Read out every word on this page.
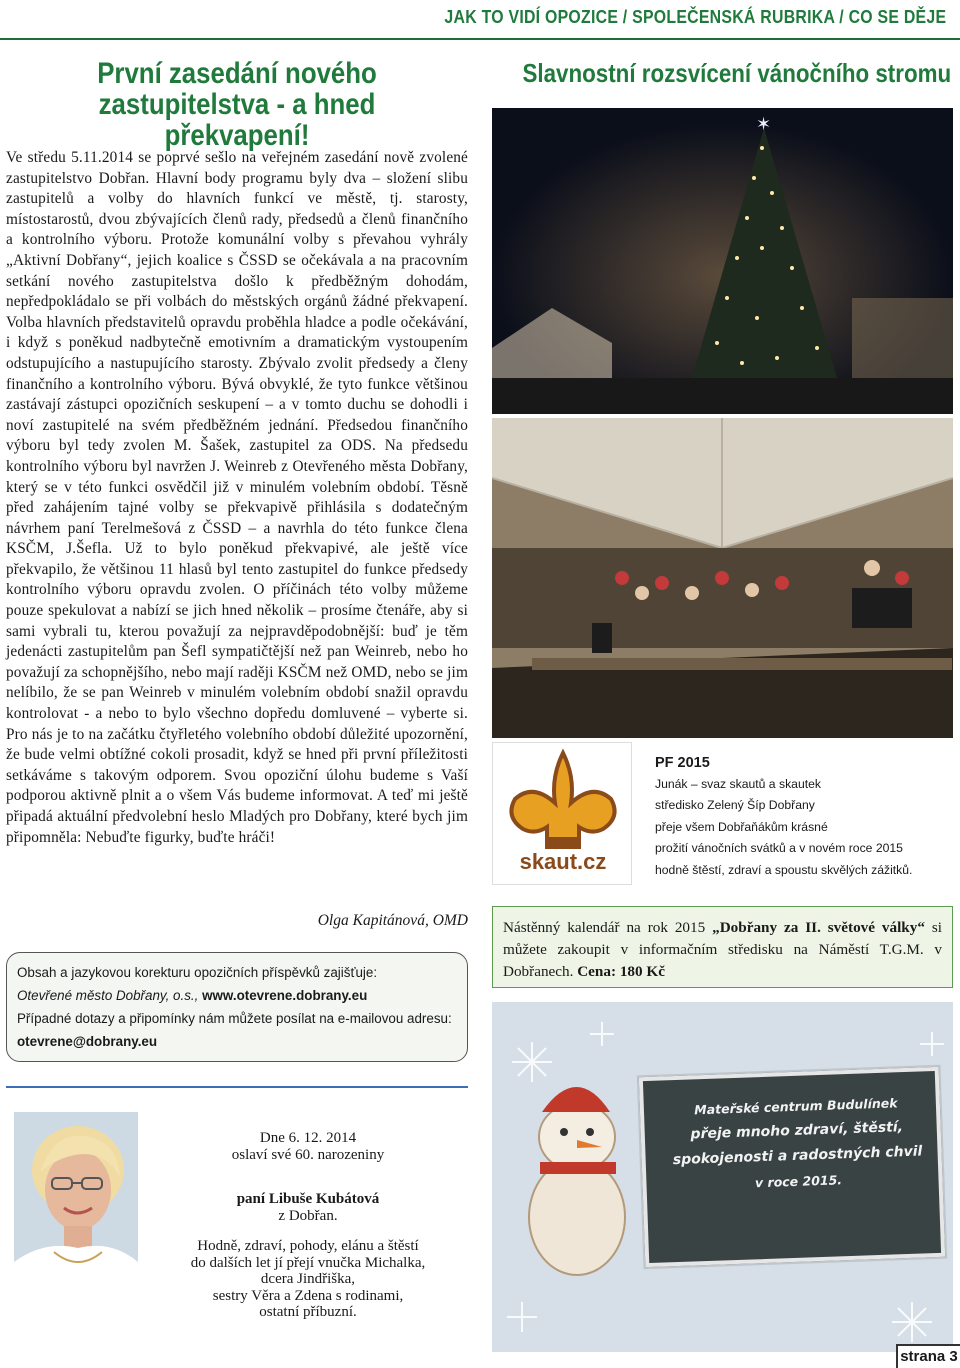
JAK TO VIDÍ OPOZICE / SPOLEČENSKÁ RUBRIKA / CO SE DĚJE
První zasedání nového
zastupitelstva - a hned překvapení!

Ve středu 5.11.2014 se poprvé sešlo na veřejném zasedání nově zvolené zastupitelstvo Dobřan. Hlavní body programu byly dva – složení slibu zastupitelů a volby do hlavních funkcí ve městě, tj. starosty, místostarostů, dvou zbývajících členů rady, předsedů a členů finančního a kontrolního výboru. Protože komunální volby s převahou vyhrály „Aktivní Dobřany“, jejich koalice s ČSSD se očekávala a na pracovním setkání nového zastupitelstva došlo k předběžným dohodám, nepředpokládalo se při volbách do městských orgánů žádné překvapení. Volba hlavních představitelů opravdu proběhla hladce a podle očekávání, i když s poněkud nadbytečně emotivním a dramatickým vystoupením odstupujícího a nastupujícího starosty. Zbývalo zvolit předsedy a členy finančního a kontrolního výboru. Bývá obvyklé, že tyto funkce většinou zastávají zástupci opozičních seskupení – a v tomto duchu se dohodli i noví zastupitelé na svém předběžném jednání. Předsedou finančního výboru byl tedy zvolen M. Šašek, zastupitel za ODS. Na předsedu kontrolního výboru byl navržen J. Weinreb z Otevřeného města Dobřany, který se v této funkci osvědčil již v minulém volebním období. Těsně před zahájením tajné volby se překvapivě přihlásila s dodatečným návrhem paní Terelmešová z ČSSD – a navrhla do této funkce člena KSČM, J.Šefla. Už to bylo poněkud překvapivé, ale ještě více překvapilo, že většinou 11 hlasů byl tento zastupitel do funkce předsedy kontrolního výboru opravdu zvolen. O příčinách této volby můžeme pouze spekulovat a nabízí se jich hned několik – prosíme čtenáře, aby si sami vybrali tu, kterou považují za nejpravděpodobnější: buď je těm jedenácti zastupitelům pan Šefl sympatičtější než pan Weinreb, nebo ho považují za schopnějšího, nebo mají raději KSČM než OMD, nebo se jim nelíbilo, že se pan Weinreb v minulém volebním období snažil opravdu kontrolovat - a nebo to bylo všechno dopředu domluvené – vyberte si. Pro nás je to na začátku čtyřletého volebního období důležité upozornění, že bude velmi obtížné cokoli prosadit, když se hned při první příležitosti setkáváme s takovým odporem. Svou opoziční úlohu budeme s Vaší podporou aktivně plnit a o všem Vás budeme informovat. A teď mi ještě připadá aktuální předvolební heslo Mladých pro Dobřany, které bych jim připomněla: Nebuďte figurky, buďte hráči!

Olga Kapitánová, OMD
Obsah a jazykovou korekturu opozičních příspěvků zajišťuje:
Otevřené město Dobřany, o.s., www.otevrene.dobrany.eu
Případné dotazy a připomínky nám můžete posílat na e-mailovou adresu: otevrene@dobrany.eu
Dne 6. 12. 2014
oslaví své 60. narozeniny
paní Libuše Kubátová
z Dobřan.
Hodně, zdraví, pohody, elánu a štěstí
do dalších let jí přejí vnučka Michalka,
dcera Jindřiška,
sestry Věra a Zdena s rodinami,
ostatní příbuzní.
Slavnostní rozsvícení vánočního stromu
✶
skaut.cz
PF 2015
Junák – svaz skautů a skautek
středisko Zelený Šíp Dobřany
přeje všem Dobřaňákům krásné
prožití vánočních svátků a v novém roce 2015
hodně štěstí, zdraví a spoustu skvělých zážitků.
Nástěnný kalendář na rok 2015 „Dobřany za II. světové války“ si můžete zakoupit v informačním středisku na Náměstí T.G.M. v Dobřanech. Cena: 180 Kč
Mateřské centrum Budulínek
přeje mnoho zdraví, štěstí,
spokojenosti a radostných chvil
v roce 2015.
strana 3
